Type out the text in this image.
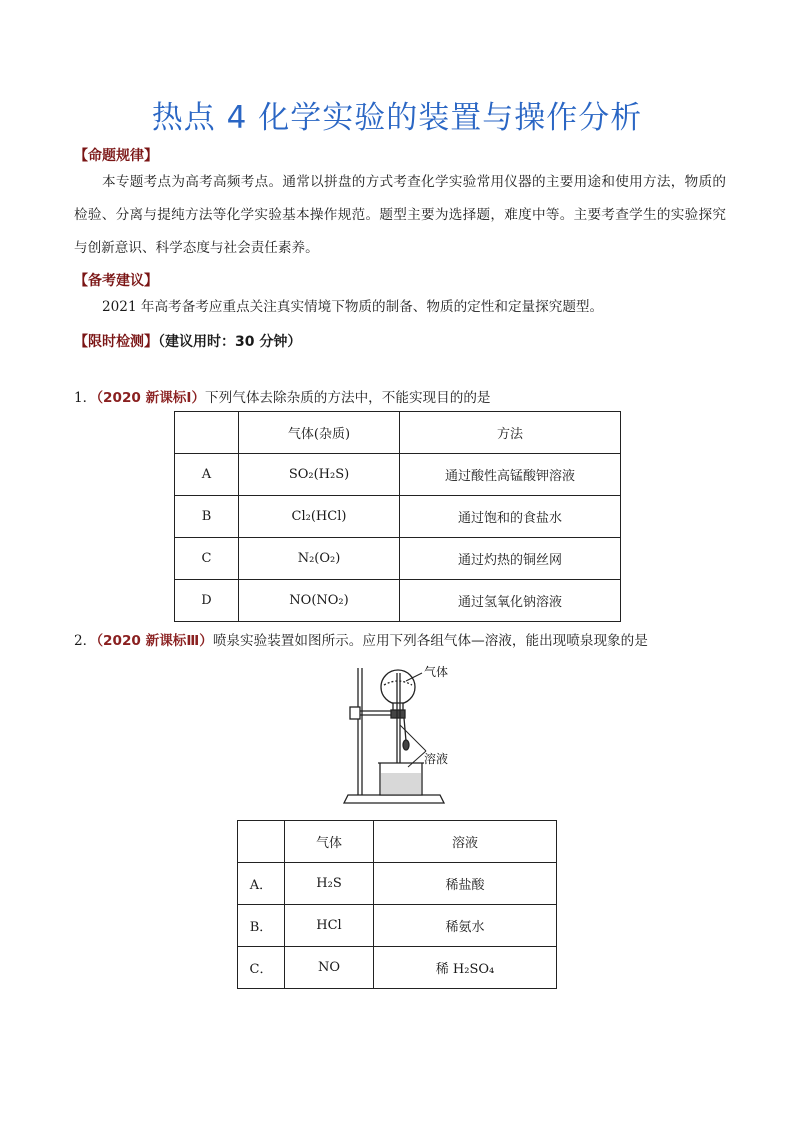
热点 4 化学实验的装置与操作分析
【命题规律】
本专题考点为高考高频考点。通常以拼盘的方式考查化学实验常用仪器的主要用途和使用方法，物质的检验、分离与提纯方法等化学实验基本操作规范。题型主要为选择题，难度中等。主要考查学生的实验探究与创新意识、科学态度与社会责任素养。
【备考建议】
2021 年高考备考应重点关注真实情境下物质的制备、物质的定性和定量探究题型。
【限时检测】（建议用时：30 分钟）
1．（2020 新课标Ⅰ）下列气体去除杂质的方法中，不能实现目的的是
	气体(杂质)	方法
A	SO₂(H₂S)	通过酸性高锰酸钾溶液
B	Cl₂(HCl)	通过饱和的食盐水
C	N₂(O₂)	通过灼热的铜丝网
D	NO(NO₂)	通过氢氧化钠溶液
2．（2020 新课标Ⅲ）喷泉实验装置如图所示。应用下列各组气体—溶液，能出现喷泉现象的是
气体
溶液
	气体	溶液
A．	H₂S	稀盐酸
B．	HCl	稀氨水
C．	NO	稀 H₂SO₄
